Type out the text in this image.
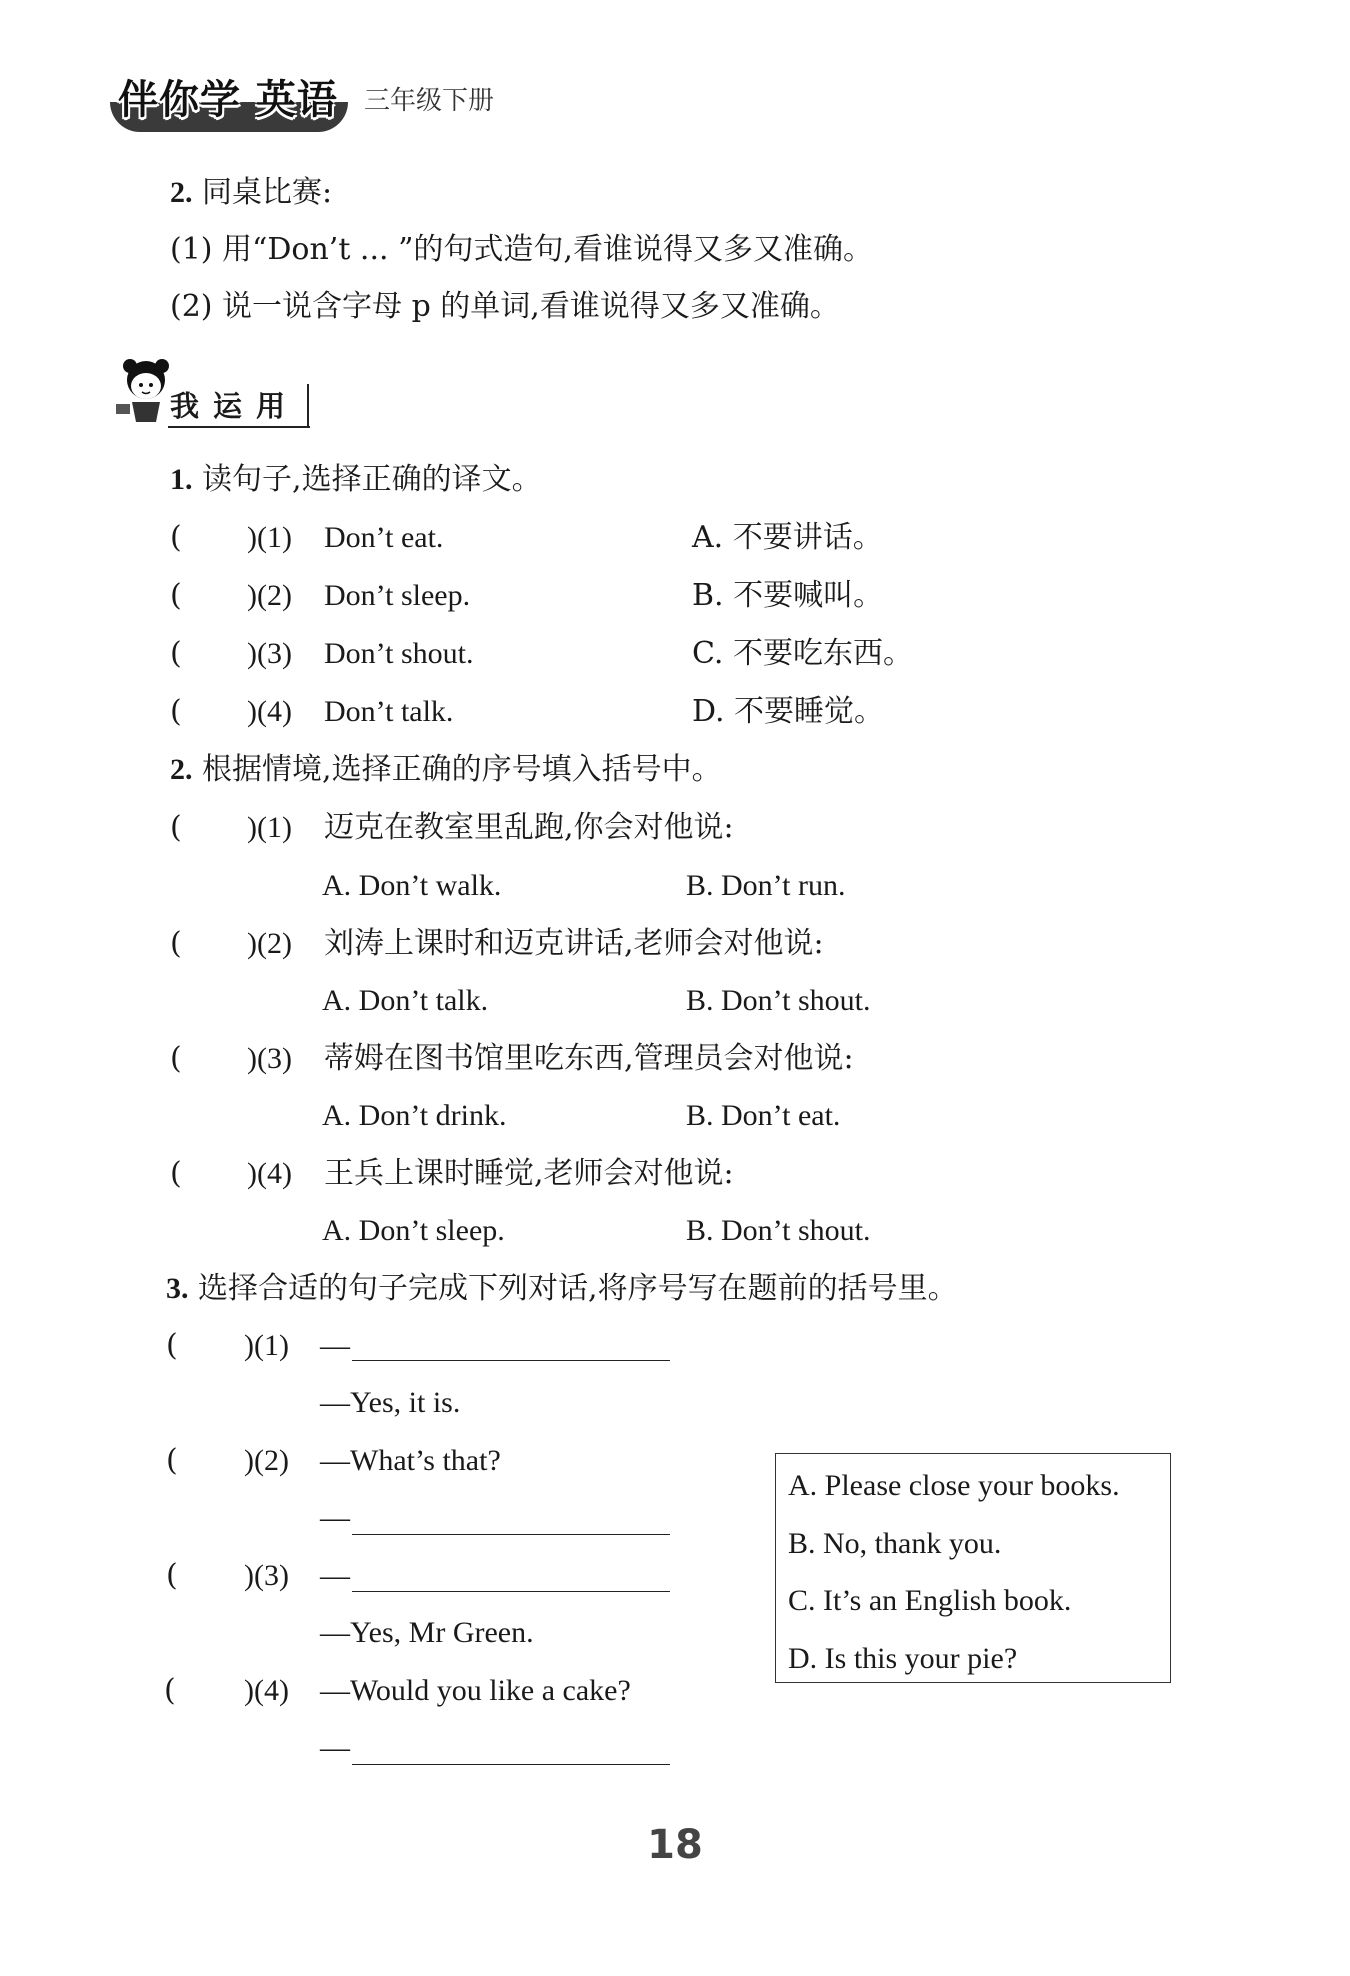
伴你学 英语 三年级下册
2. 同桌比赛:
(1) 用“Don’t ... ”的句式造句,看谁说得又多又准确。
(2) 说一说含字母 p 的单词,看谁说得又多又准确。
我运用
1. 读句子,选择正确的译文。
( )(1) Don’t eat.	A. 不要讲话。
( )(2) Don’t sleep.	B. 不要喊叫。
( )(3) Don’t shout.	C. 不要吃东西。
( )(4) Don’t talk.	D. 不要睡觉。
2. 根据情境,选择正确的序号填入括号中。
( )(1) 迈克在教室里乱跑,你会对他说:
A. Don’t walk.	B. Don’t run.
( )(2) 刘涛上课时和迈克讲话,老师会对他说:
A. Don’t talk.	B. Don’t shout.
( )(3) 蒂姆在图书馆里吃东西,管理员会对他说:
A. Don’t drink.	B. Don’t eat.
( )(4) 王兵上课时睡觉,老师会对他说:
A. Don’t sleep.	B. Don’t shout.
3. 选择合适的句子完成下列对话,将序号写在题前的括号里。
( )(1) —
—Yes, it is.
( )(2) —What’s that?
—
( )(3) —
—Yes, Mr Green.
( )(4) —Would you like a cake?
—
A. Please close your books.
B. No, thank you.
C. It’s an English book.
D. Is this your pie?
18
